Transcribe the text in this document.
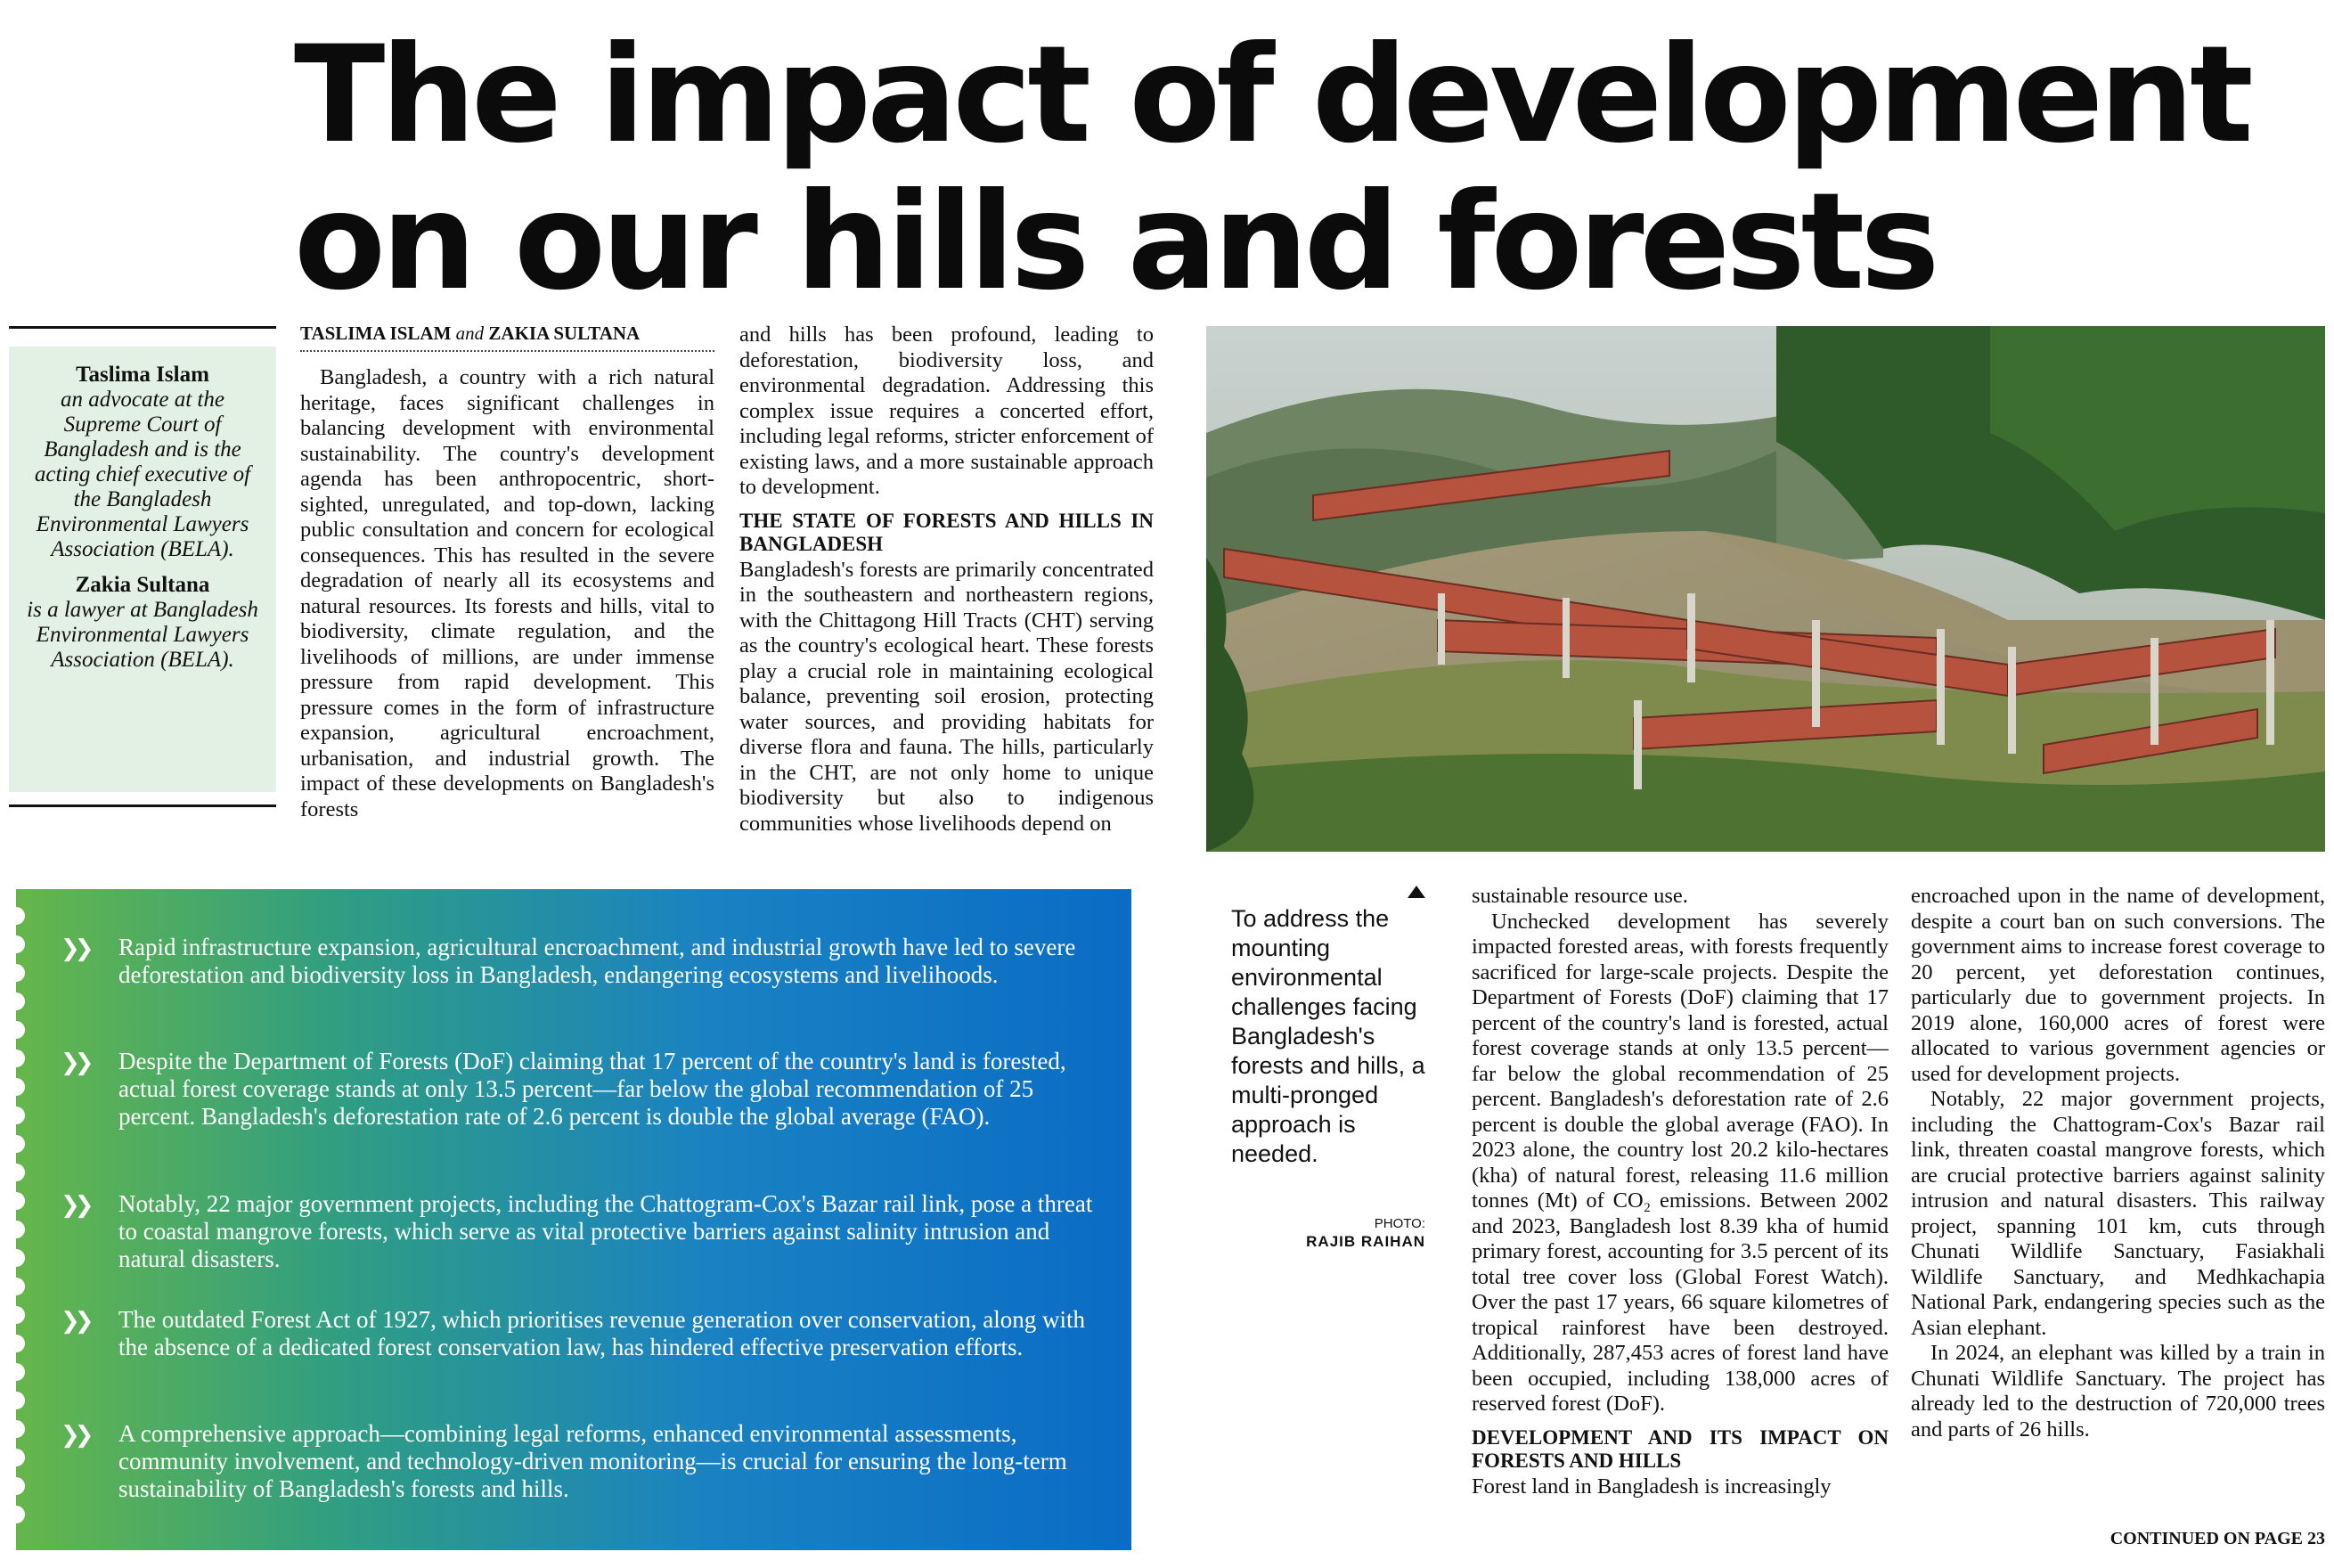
The impact of development on our hills and forests
Taslima Islam
an advocate at the Supreme Court of Bangladesh and is the acting chief executive of the Bangladesh Environmental Lawyers Association (BELA).
Zakia Sultana
is a lawyer at Bangladesh Environmental Lawyers Association (BELA).
TASLIMA ISLAM and ZAKIA SULTANA

Bangladesh, a country with a rich natural heritage, faces significant challenges in balancing development with environmental sustainability. The country's development agenda has been anthropocentric, short-sighted, unregulated, and top-down, lacking public consultation and concern for ecological consequences. This has resulted in the severe degradation of nearly all its ecosystems and natural resources. Its forests and hills, vital to biodiversity, climate regulation, and the livelihoods of millions, are under immense pressure from rapid development. This pressure comes in the form of infrastructure expansion, agricultural encroachment, urbanisation, and industrial growth. The impact of these developments on Bangladesh's forests

and hills has been profound, leading to deforestation, biodiversity loss, and environmental degradation. Addressing this complex issue requires a concerted effort, including legal reforms, stricter enforcement of existing laws, and a more sustainable approach to development.

THE STATE OF FORESTS AND HILLS IN BANGLADESH

Bangladesh's forests are primarily concentrated in the southeastern and northeastern regions, with the Chittagong Hill Tracts (CHT) serving as the country's ecological heart. These forests play a crucial role in maintaining ecological balance, preventing soil erosion, protecting water sources, and providing habitats for diverse flora and fauna. The hills, particularly in the CHT, are not only home to unique biodiversity but also to indigenous communities whose livelihoods depend on

❯❯ Rapid infrastructure expansion, agricultural encroachment, and industrial growth have led to severe deforestation and biodiversity loss in Bangladesh, endangering ecosystems and livelihoods.
❯❯ Despite the Department of Forests (DoF) claiming that 17 percent of the country's land is forested, actual forest coverage stands at only 13.5 percent—far below the global recommendation of 25 percent. Bangladesh's deforestation rate of 2.6 percent is double the global average (FAO).
❯❯ Notably, 22 major government projects, including the Chattogram-Cox's Bazar rail link, pose a threat to coastal mangrove forests, which serve as vital protective barriers against salinity intrusion and natural disasters.
❯❯ The outdated Forest Act of 1927, which prioritises revenue generation over conservation, along with the absence of a dedicated forest conservation law, has hindered effective preservation efforts.
❯❯ A comprehensive approach—combining legal reforms, enhanced environmental assessments, community involvement, and technology-driven monitoring—is crucial for ensuring the long-term sustainability of Bangladesh's forests and hills.
To address the mounting environmental challenges facing Bangladesh's forests and hills, a multi-pronged approach is needed.
PHOTO:
RAJIB RAIHAN

sustainable resource use.

Unchecked development has severely impacted forested areas, with forests frequently sacrificed for large-scale projects. Despite the Department of Forests (DoF) claiming that 17 percent of the country's land is forested, actual forest coverage stands at only 13.5 percent—far below the global recommendation of 25 percent. Bangladesh's deforestation rate of 2.6 percent is double the global average (FAO). In 2023 alone, the country lost 20.2 kilo-hectares (kha) of natural forest, releasing 11.6 million tonnes (Mt) of CO₂ emissions. Between 2002 and 2023, Bangladesh lost 8.39 kha of humid primary forest, accounting for 3.5 percent of its total tree cover loss (Global Forest Watch). Over the past 17 years, 66 square kilometres of tropical rainforest have been destroyed. Additionally, 287,453 acres of forest land have been occupied, including 138,000 acres of reserved forest (DoF).

DEVELOPMENT AND ITS IMPACT ON FORESTS AND HILLS

Forest land in Bangladesh is increasingly

encroached upon in the name of development, despite a court ban on such conversions. The government aims to increase forest coverage to 20 percent, yet deforestation continues, particularly due to government projects. In 2019 alone, 160,000 acres of forest were allocated to various government agencies or used for development projects.

Notably, 22 major government projects, including the Chattogram-Cox's Bazar rail link, threaten coastal mangrove forests, which are crucial protective barriers against salinity intrusion and natural disasters. This railway project, spanning 101 km, cuts through Chunati Wildlife Sanctuary, Fasiakhali Wildlife Sanctuary, and Medhkachapia National Park, endangering species such as the Asian elephant.

In 2024, an elephant was killed by a train in Chunati Wildlife Sanctuary. The project has already led to the destruction of 720,000 trees and parts of 26 hills.

CONTINUED ON PAGE 23
